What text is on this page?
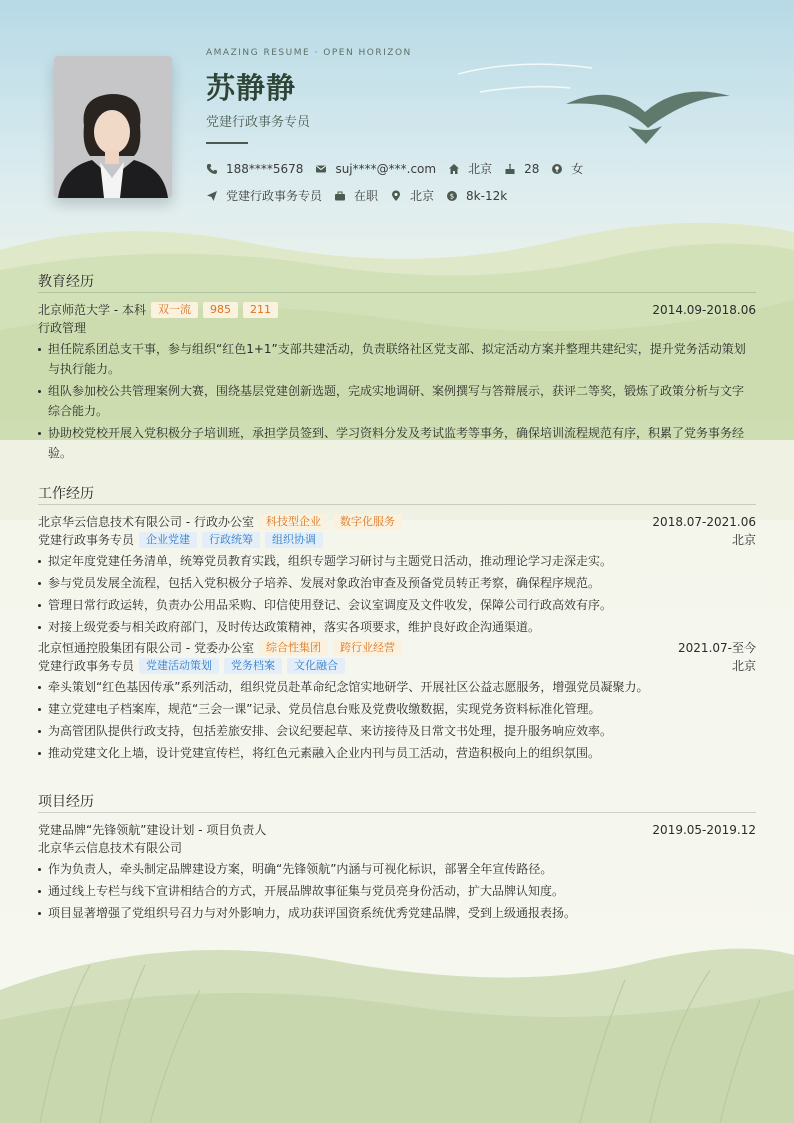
AMAZING RESUME · OPEN HORIZON
苏静静
党建行政事务专员
188****5678	suj****@***.com	北京	28	女
党建行政事务专员	在职	北京 $ 8k-12k
教育经历
北京师范大学 - 本科	双一流	985	211	2014.09-2018.06
行政管理
担任院系团总支干事，参与组织“红色1+1”支部共建活动，负责联络社区党支部、拟定活动方案并整理共建纪实，提升党务活动策划与执行能力。
组队参加校公共管理案例大赛，围绕基层党建创新选题，完成实地调研、案例撰写与答辩展示，获评二等奖，锻炼了政策分析与文字综合能力。
协助校党校开展入党积极分子培训班，承担学员签到、学习资料分发及考试监考等事务，确保培训流程规范有序，积累了党务事务经验。
工作经历
北京华云信息技术有限公司 - 行政办公室	科技型企业	数字化服务	2018.07-2021.06
党建行政事务专员	企业党建	行政统筹	组织协调	北京
拟定年度党建任务清单，统筹党员教育实践，组织专题学习研讨与主题党日活动，推动理论学习走深走实。
参与党员发展全流程，包括入党积极分子培养、发展对象政治审查及预备党员转正考察，确保程序规范。
管理日常行政运转，负责办公用品采购、印信使用登记、会议室调度及文件收发，保障公司行政高效有序。
对接上级党委与相关政府部门，及时传达政策精神，落实各项要求，维护良好政企沟通渠道。
北京恒通控股集团有限公司 - 党委办公室	综合性集团	跨行业经营	2021.07-至今
党建行政事务专员	党建活动策划	党务档案	文化融合	北京
牵头策划“红色基因传承”系列活动，组织党员赴革命纪念馆实地研学、开展社区公益志愿服务，增强党员凝聚力。
建立党建电子档案库，规范“三会一课”记录、党员信息台账及党费收缴数据，实现党务资料标准化管理。
为高管团队提供行政支持，包括差旅安排、会议纪要起草、来访接待及日常文书处理，提升服务响应效率。
推动党建文化上墙，设计党建宣传栏，将红色元素融入企业内刊与员工活动，营造积极向上的组织氛围。
项目经历
党建品牌“先锋领航”建设计划 - 项目负责人	2019.05-2019.12
北京华云信息技术有限公司
作为负责人，牵头制定品牌建设方案，明确“先锋领航”内涵与可视化标识，部署全年宣传路径。
通过线上专栏与线下宣讲相结合的方式，开展品牌故事征集与党员亮身份活动，扩大品牌认知度。
项目显著增强了党组织号召力与对外影响力，成功获评国资系统优秀党建品牌，受到上级通报表扬。
